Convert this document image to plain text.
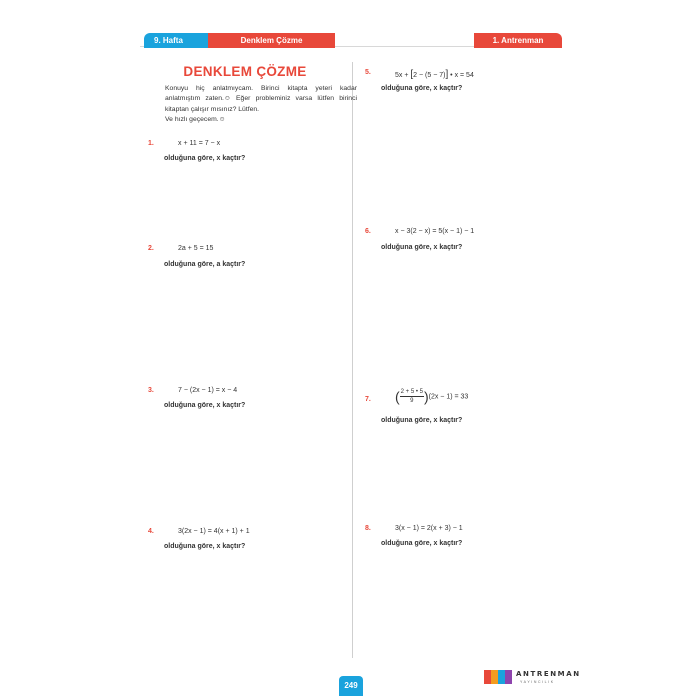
9. Hafta	Denklem Çözme	1. Antrenman
DENKLEM ÇÖZME
Konuyu hiç anlatmıycam. Birinci kitapta yeteri kadar anlatmıştım zaten.☺ Eğer probleminiz varsa lütfen birinci kitaptan çalışır mısınız? Lütfen.
Ve hızlı geçecem.☺
1.	x + 11 = 7 − x
olduğuna göre, x kaçtır?
2.	2a + 5 = 15
olduğuna göre, a kaçtır?
3.	7 − (2x − 1) = x − 4
olduğuna göre, x kaçtır?
4.	3(2x − 1) = 4(x + 1) + 1
olduğuna göre, x kaçtır?
5.	5x + [2 − (5 − 7)] • x = 54
olduğuna göre, x kaçtır?
6.	x − 3(2 − x) = 5(x − 1) − 1
olduğuna göre, x kaçtır?
7. ( $\frac{2 + 5 • 5}{9} )(2x - 1) = 33$
olduğuna göre, x kaçtır?
8.	3(x − 1) = 2(x + 3) − 1
olduğuna göre, x kaçtır?
249
ANTRENMAN
YAYINCILIK
